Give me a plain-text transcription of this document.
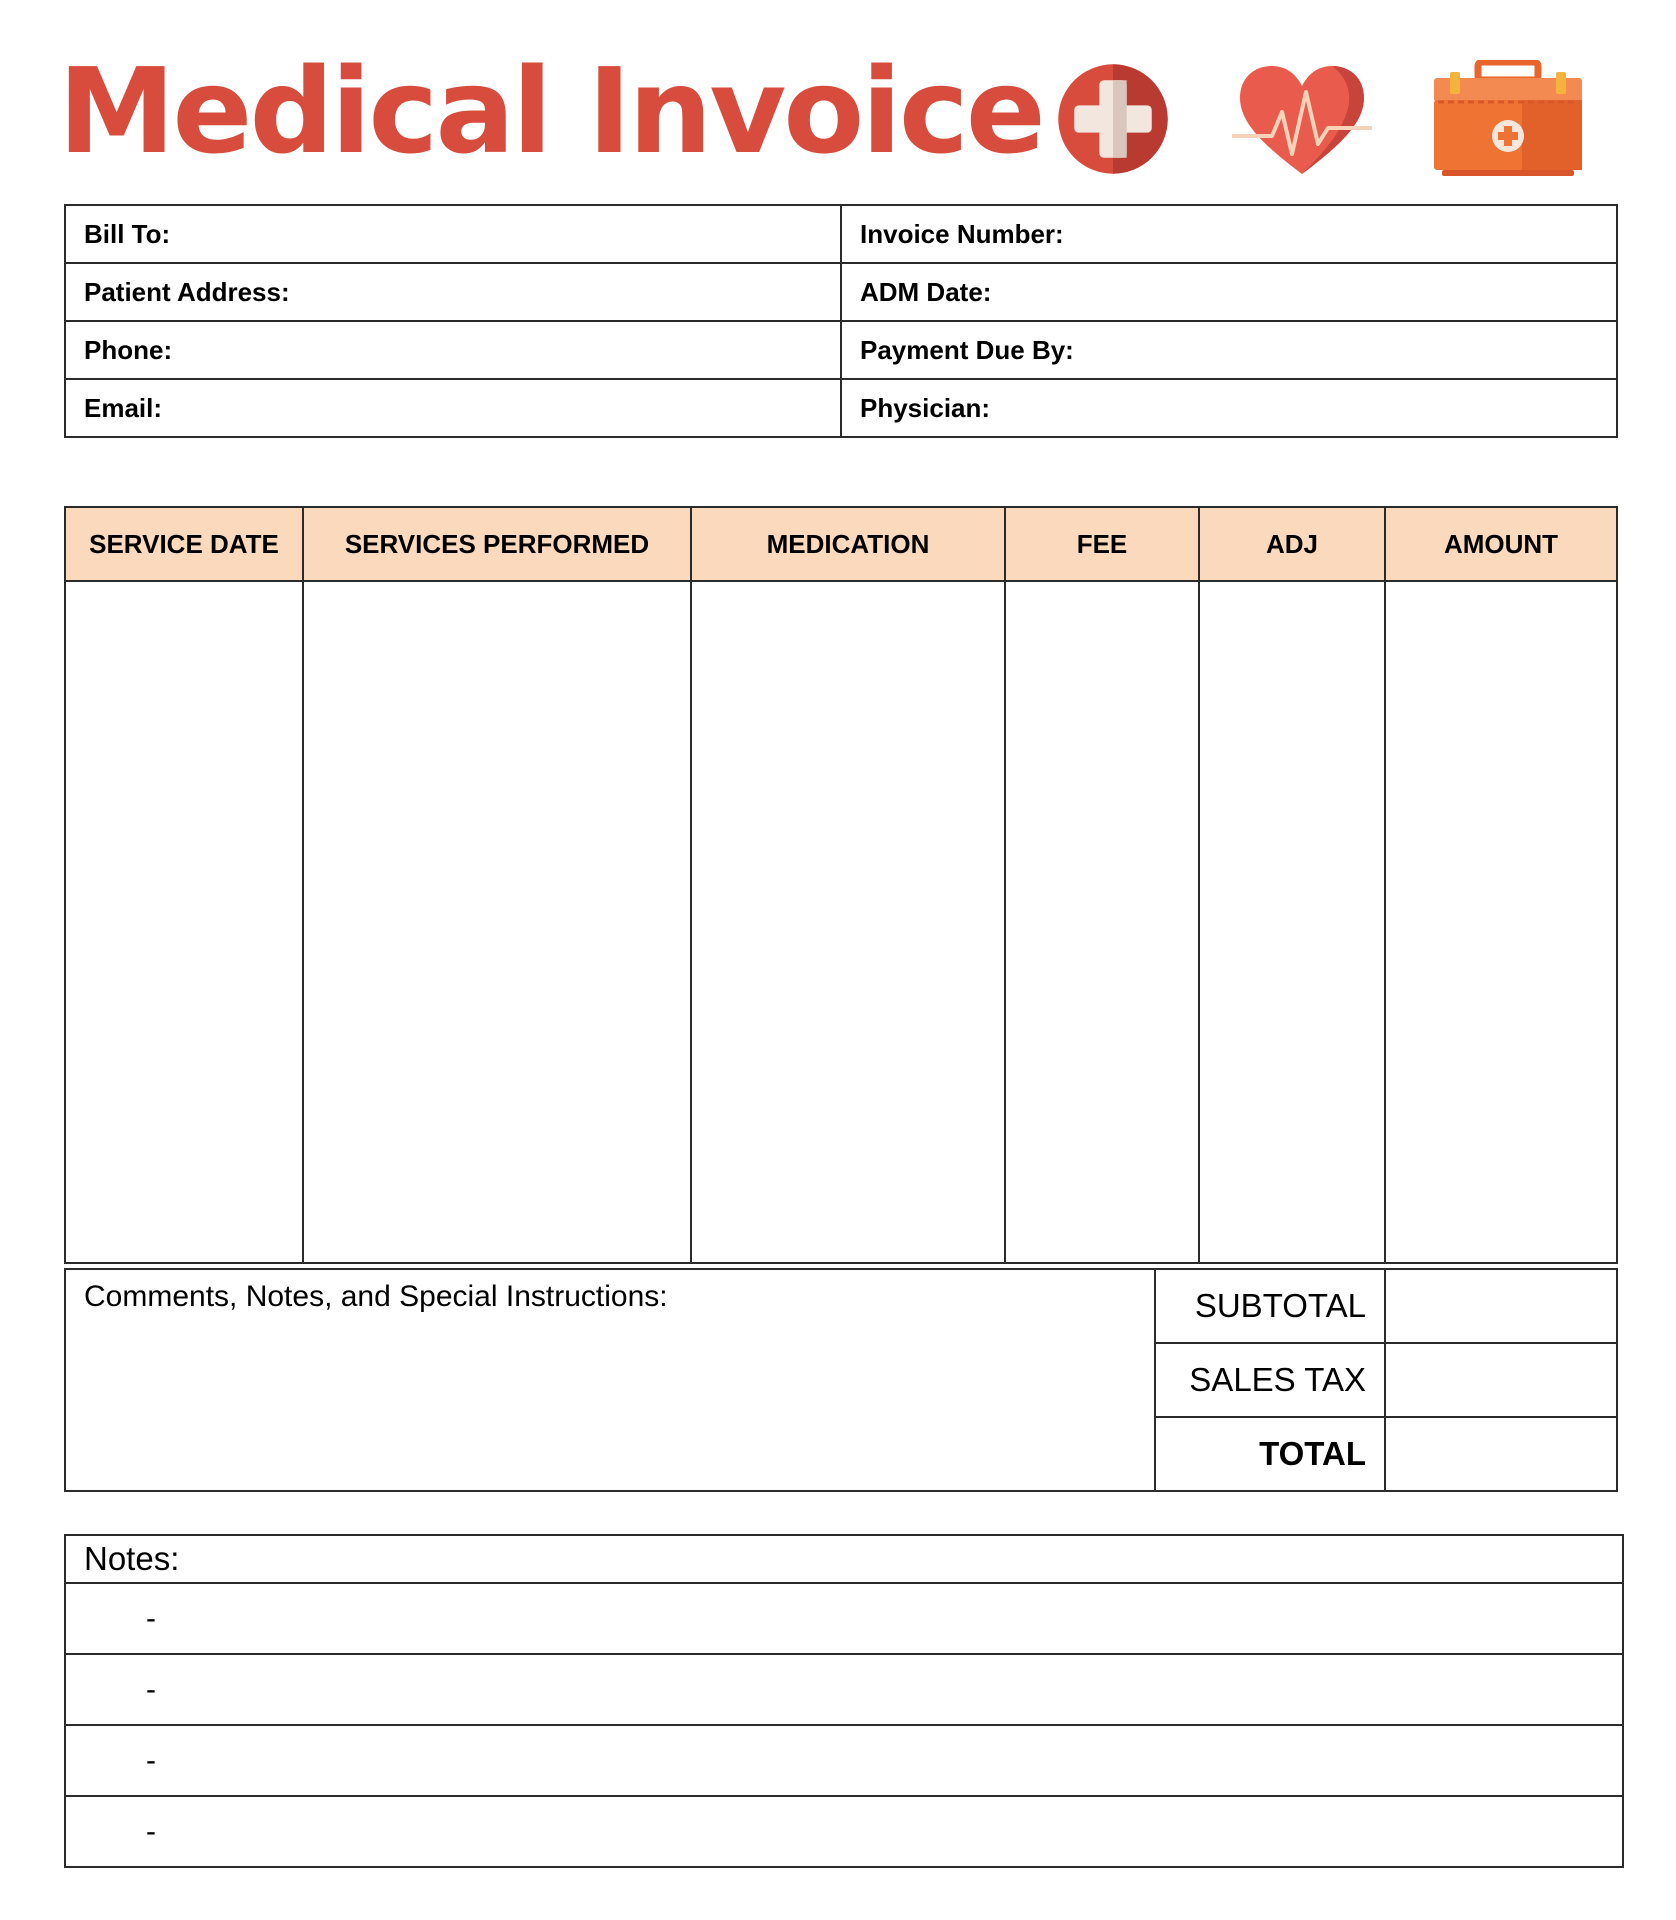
Medical Invoice
Bill To:	Invoice Number:
Patient Address:	ADM Date:
Phone:	Payment Due By:
Email:	Physician:
SERVICE DATE	SERVICES PERFORMED	MEDICATION	FEE	ADJ	AMOUNT

Comments, Notes, and Special Instructions:	SUBTOTAL	
	SALES TAX	
	TOTAL	
Notes:
-
-
-
-
